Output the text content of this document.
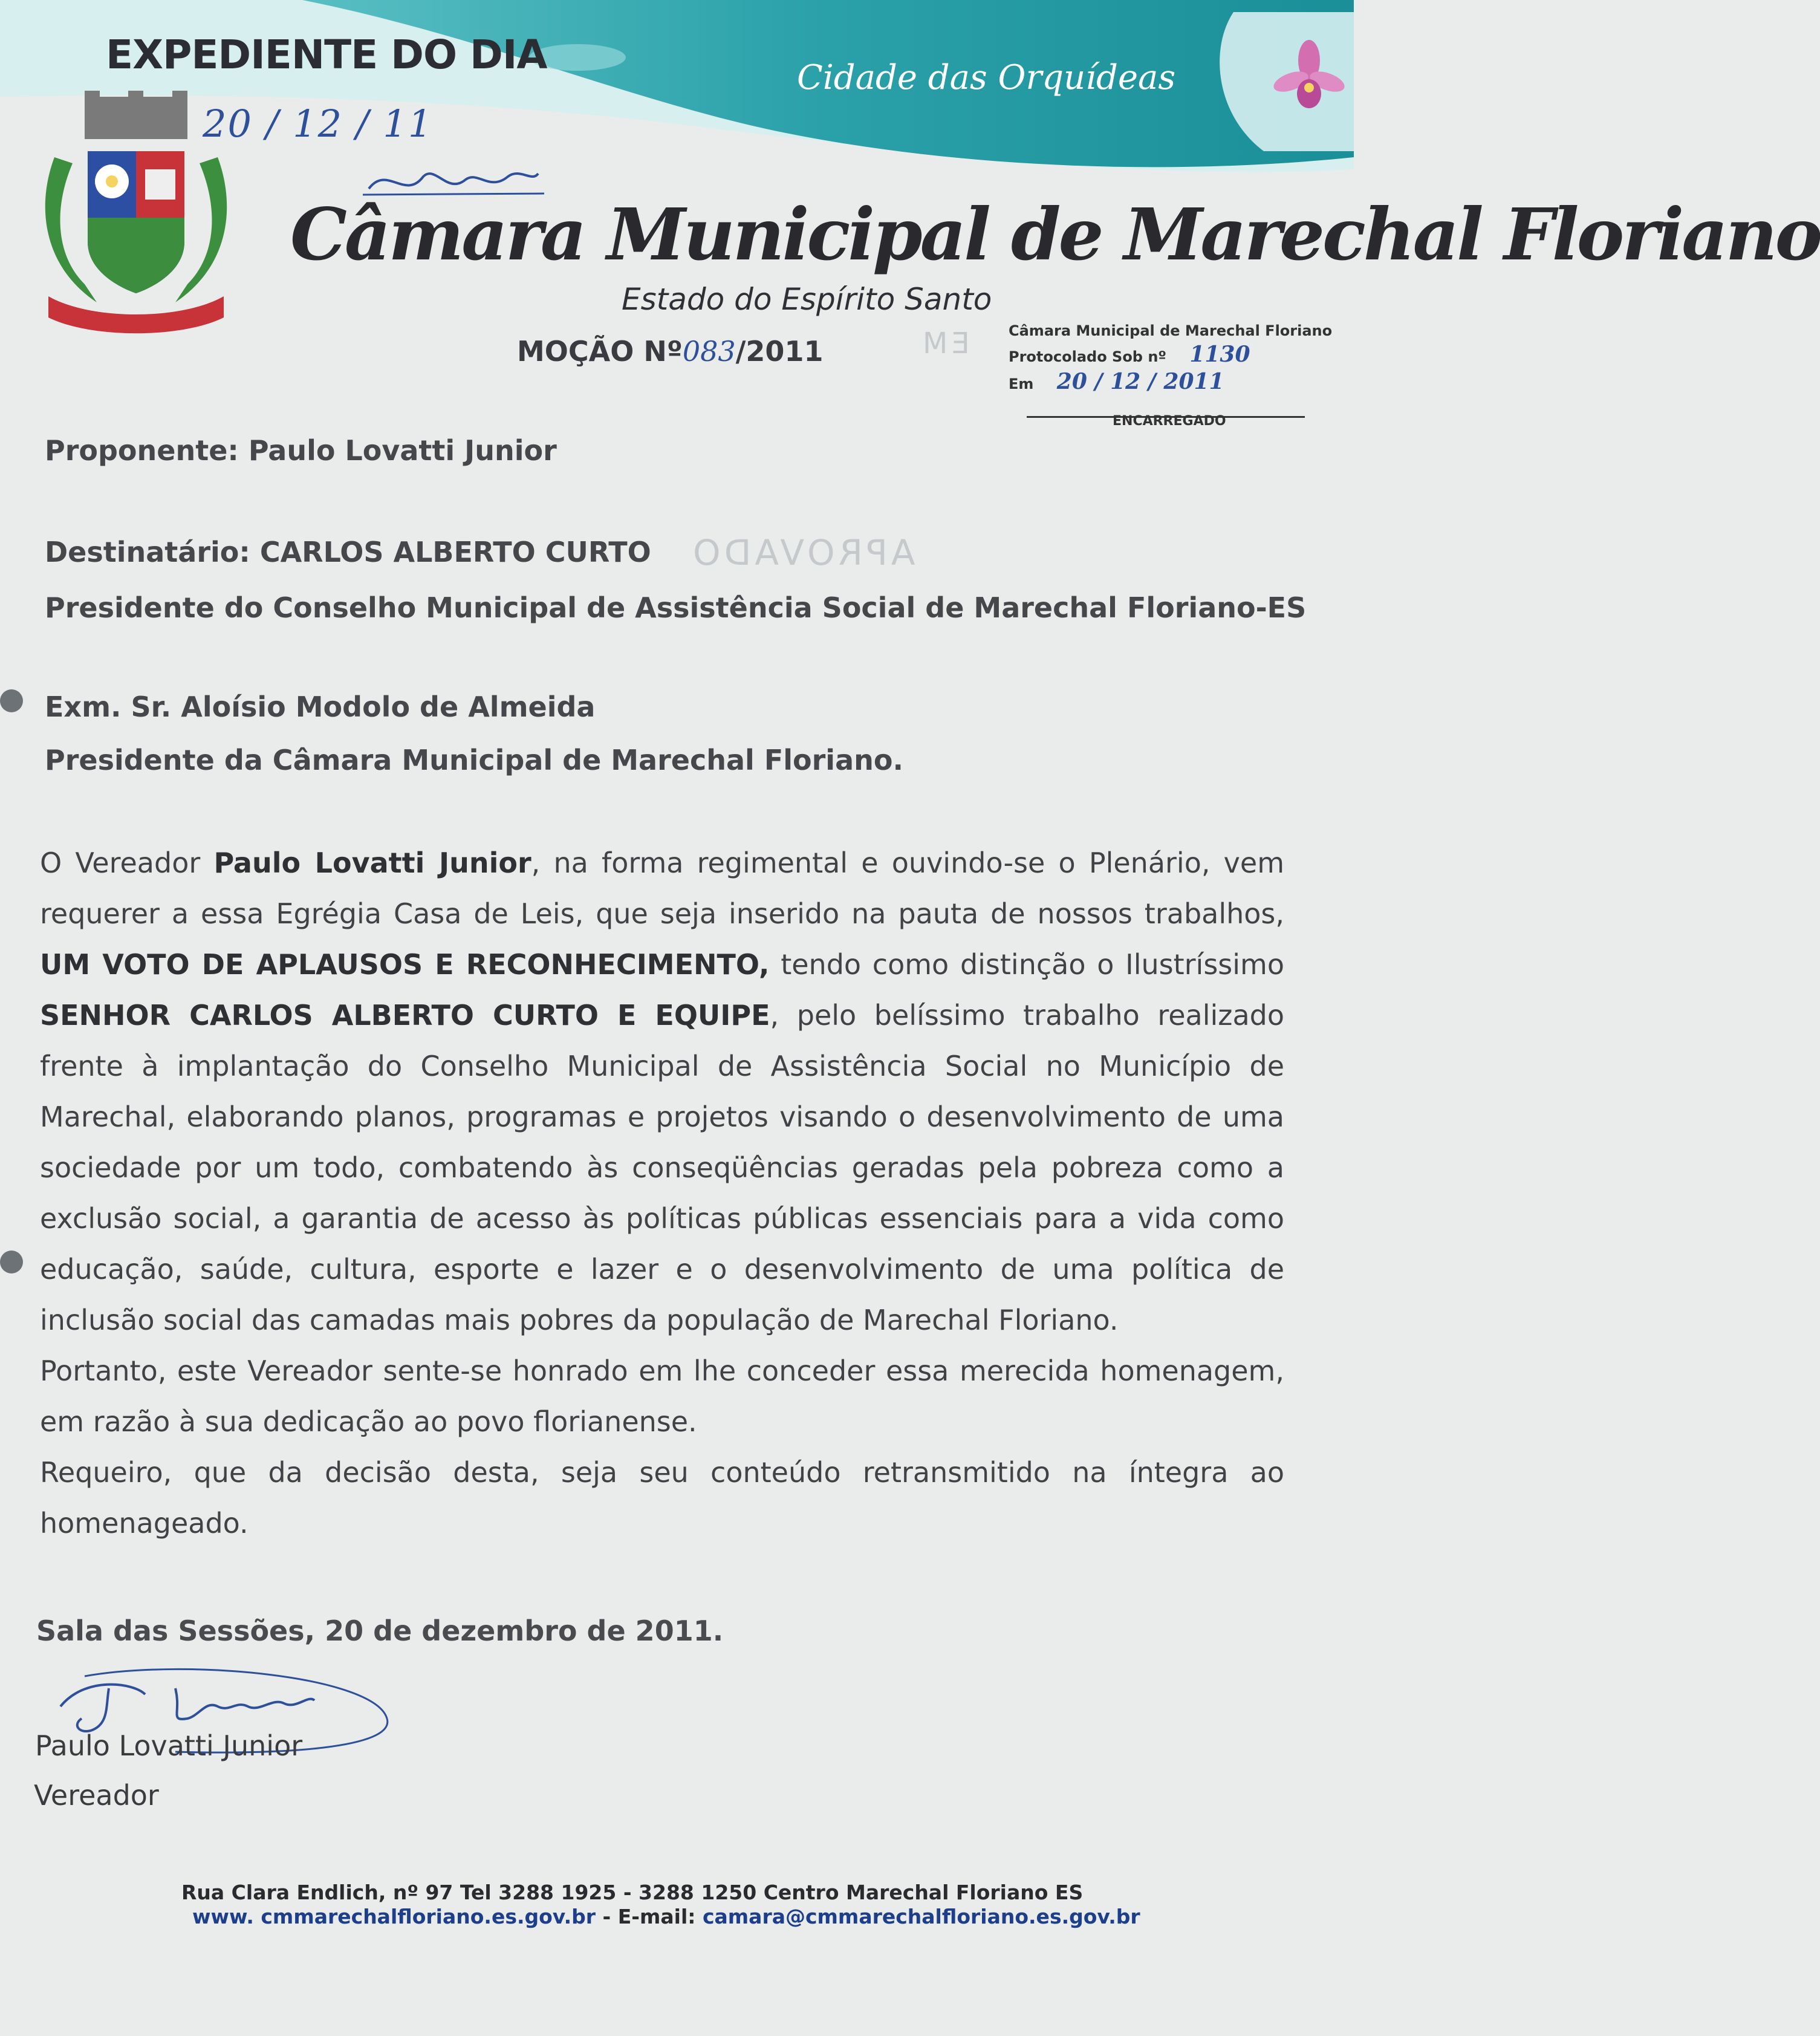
EXPEDIENTE DO DIA
20 / 12 / 11
Cidade das Orquídeas
Câmara Municipal de Marechal Floriano
Estado do Espírito Santo
MOÇÃO Nº083/2011
Câmara Municipal de Marechal Floriano
Protocolado Sob nº 1130
Em 20 / 12 / 2011
ENCARREGADO
APROVADO
EM
Proponente: Paulo Lovatti Junior
Destinatário: CARLOS ALBERTO CURTO
Presidente do Conselho Municipal de Assistência Social de Marechal Floriano-ES
Exm. Sr. Aloísio Modolo de Almeida
Presidente da Câmara Municipal de Marechal Floriano.

O Vereador Paulo Lovatti Junior, na forma regimental e ouvindo-se o Plenário, vem requerer a essa Egrégia Casa de Leis, que seja inserido na pauta de nossos trabalhos, UM VOTO DE APLAUSOS E RECONHECIMENTO, tendo como distinção o Ilustríssimo SENHOR CARLOS ALBERTO CURTO E EQUIPE, pelo belíssimo trabalho realizado frente à implantação do Conselho Municipal de Assistência Social no Município de Marechal, elaborando planos, programas e projetos visando o desenvolvimento de uma sociedade por um todo, combatendo às conseqüências geradas pela pobreza como a exclusão social, a garantia de acesso às políticas públicas essenciais para a vida como educação, saúde, cultura, esporte e lazer e o desenvolvimento de uma política de inclusão social das camadas mais pobres da população de Marechal Floriano.

Portanto, este Vereador sente-se honrado em lhe conceder essa merecida homenagem, em razão à sua dedicação ao povo florianense.

Requeiro, que da decisão desta, seja seu conteúdo retransmitido na íntegra ao homenageado.

Sala das Sessões, 20 de dezembro de 2011.
Paulo Lovatti Junior
Vereador
Rua Clara Endlich, nº 97 Tel 3288 1925 - 3288 1250 Centro Marechal Floriano ES
www. cmmarechalfloriano.es.gov.br - E-mail: camara@cmmarechalfloriano.es.gov.br
